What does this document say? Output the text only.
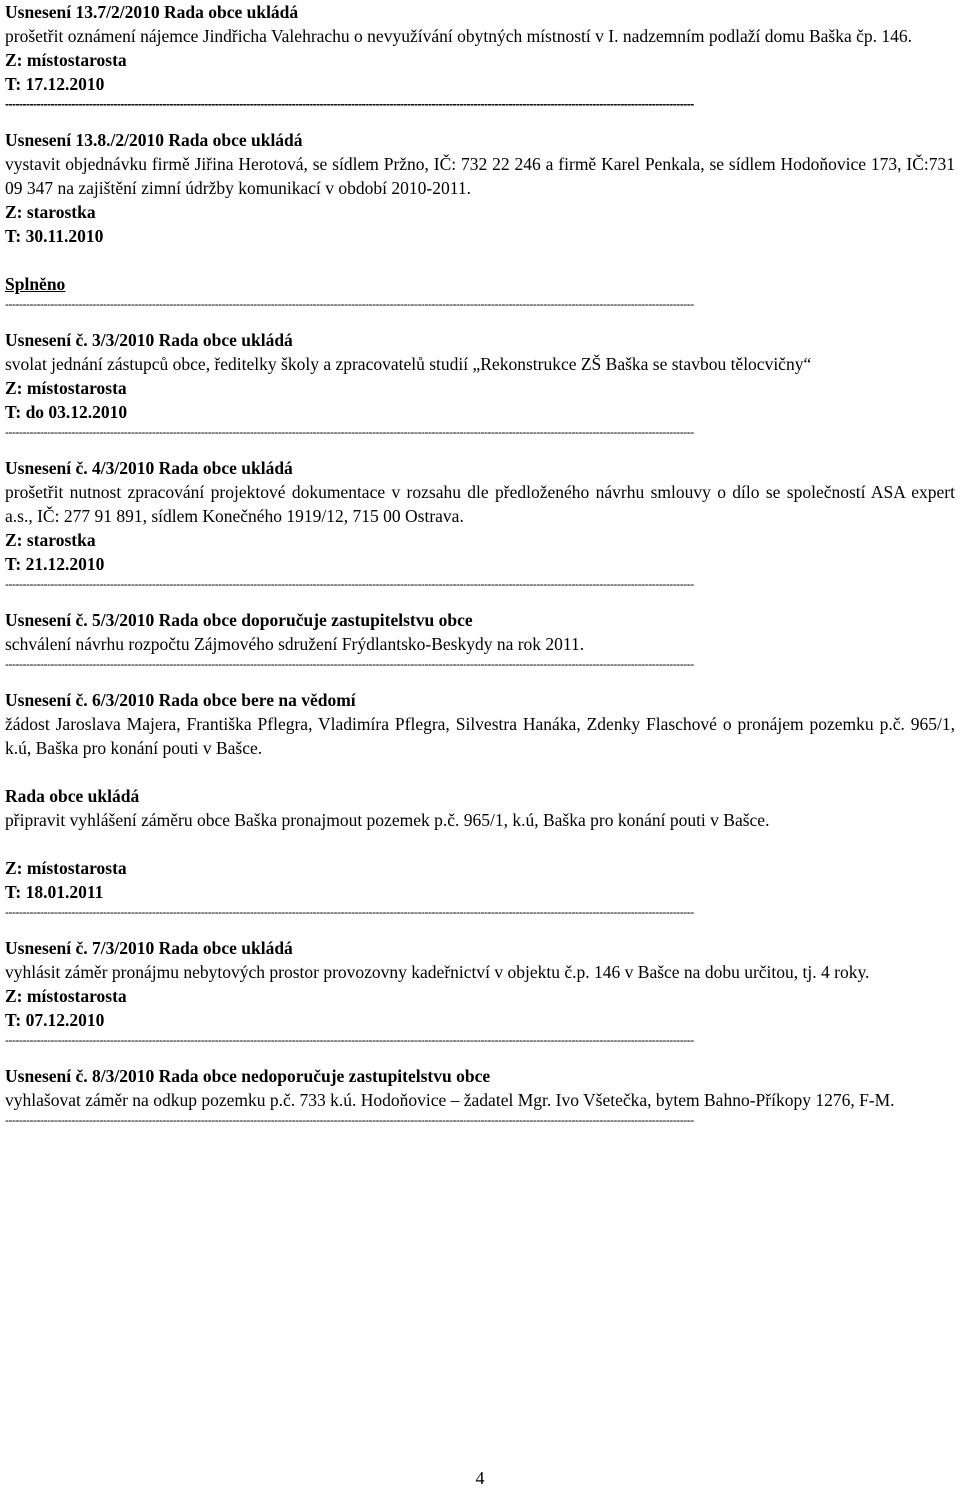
Usnesení 13.7/2/2010 Rada obce ukládá
prošetřit oznámení nájemce Jindřicha Valehrachu o nevyužívání obytných místností v I. nadzemním podlaží domu Baška čp. 146.
Z: místostarosta
T: 17.12.2010
-----------------------------------------------------------------------------------------------------------------------------------------------------------------------------------------------------
Usnesení 13.8./2/2010 Rada obce ukládá
vystavit objednávku firmě Jiřina Herotová, se sídlem Pržno, IČ: 732 22 246 a firmě Karel Penkala, se sídlem Hodoňovice 173, IČ:731 09 347 na zajištění zimní údržby komunikací v období 2010-2011.
Z: starostka
T: 30.11.2010
Splněno
-----------------------------------------------------------------------------------------------------------------------------------------------------------------------------------------------------
Usnesení č. 3/3/2010 Rada obce ukládá
svolat jednání zástupců obce, ředitelky školy a zpracovatelů studií „Rekonstrukce ZŠ Baška se stavbou tělocvičny“
Z: místostarosta
T: do 03.12.2010
-----------------------------------------------------------------------------------------------------------------------------------------------------------------------------------------------------
Usnesení č. 4/3/2010 Rada obce ukládá
prošetřit nutnost zpracování projektové dokumentace v rozsahu dle předloženého návrhu smlouvy o dílo se společností ASA expert a.s., IČ: 277 91 891, sídlem Konečného 1919/12, 715 00 Ostrava.
Z: starostka
T: 21.12.2010
-----------------------------------------------------------------------------------------------------------------------------------------------------------------------------------------------------
Usnesení č. 5/3/2010 Rada obce doporučuje zastupitelstvu obce
schválení návrhu rozpočtu Zájmového sdružení Frýdlantsko-Beskydy na rok 2011.
-----------------------------------------------------------------------------------------------------------------------------------------------------------------------------------------------------
Usnesení č. 6/3/2010 Rada obce bere na vědomí
žádost Jaroslava Majera, Františka Pflegra, Vladimíra Pflegra, Silvestra Hanáka, Zdenky Flaschové o pronájem pozemku p.č. 965/1, k.ú, Baška pro konání pouti v Bašce.
Rada obce ukládá
připravit vyhlášení záměru obce Baška pronajmout pozemek p.č. 965/1, k.ú, Baška pro konání pouti v Bašce.
Z: místostarosta
T: 18.01.2011
-----------------------------------------------------------------------------------------------------------------------------------------------------------------------------------------------------
Usnesení č. 7/3/2010 Rada obce ukládá
vyhlásit záměr pronájmu nebytových prostor provozovny kadeřnictví v objektu č.p. 146 v Bašce na dobu určitou, tj. 4 roky.
Z: místostarosta
T: 07.12.2010
-----------------------------------------------------------------------------------------------------------------------------------------------------------------------------------------------------
Usnesení č. 8/3/2010 Rada obce nedoporučuje zastupitelstvu obce
vyhlašovat záměr na odkup pozemku p.č. 733 k.ú. Hodoňovice – žadatel Mgr. Ivo Všetečka, bytem Bahno-Příkopy 1276, F-M.
-----------------------------------------------------------------------------------------------------------------------------------------------------------------------------------------------------
4
